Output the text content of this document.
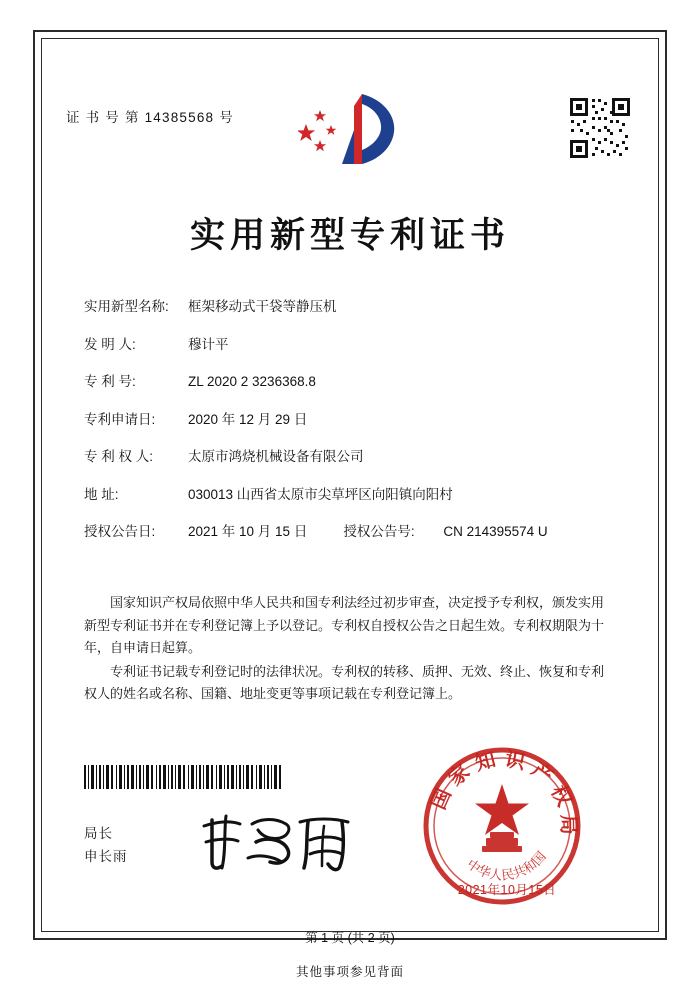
证 书 号 第 14385568 号
实用新型专利证书
实用新型名称:	框架移动式干袋等静压机
发 明 人:	穆计平
专 利 号:	ZL 2020 2 3236368.8
专利申请日:	2020 年 12 月 29 日
专 利 权 人:	太原市鸿烧机械设备有限公司
地 址:	030013 山西省太原市尖草坪区向阳镇向阳村
授权公告日:	2021 年 10 月 15 日	授权公告号:	CN 214395574 U

国家知识产权局依照中华人民共和国专利法经过初步审查，决定授予专利权，颁发实用新型专利证书并在专利登记簿上予以登记。专利权自授权公告之日起生效。专利权期限为十年，自申请日起算。

专利证书记载专利登记时的法律状况。专利权的转移、质押、无效、终止、恢复和专利权人的姓名或名称、国籍、地址变更等事项记载在专利登记簿上。

局长
申长雨
国 家 知 识 产 权 局
中华人民共和国
2021年10月15日
第 1 页 (共 2 页)
其他事项参见背面
